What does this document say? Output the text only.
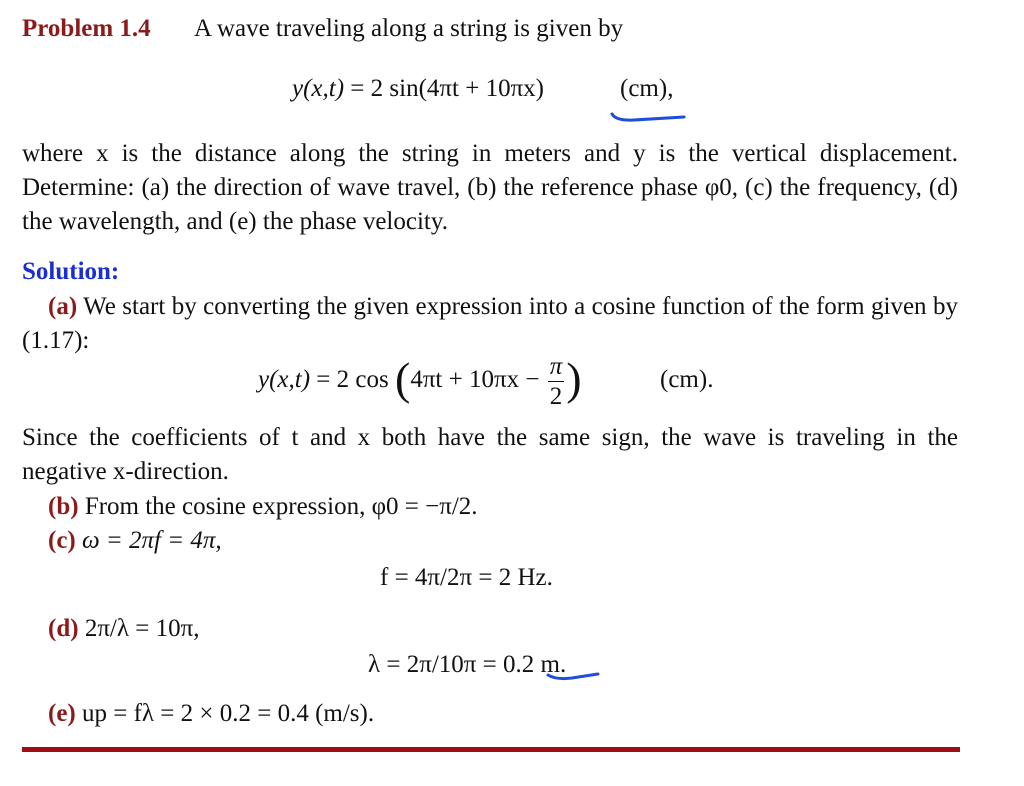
Problem 1.4 A wave traveling along a string is given by
y(x,t) = 2 sin(4πt + 10πx)	(cm),
where x is the distance along the string in meters and y is the vertical displacement. Determine: (a) the direction of wave travel, (b) the reference phase φ0, (c) the frequency, (d) the wavelength, and (e) the phase velocity.
Solution:
(a) We start by converting the given expression into a cosine function of the form given by (1.17):
y(x,t) = 2 $\cos (4\pi t + 10\pi x - \frac{\pi}{2}$ )	(cm).
Since the coefficients of t and x both have the same sign, the wave is traveling in the negative x-direction.
(b) From the cosine expression, φ0 = −π/2.
(c) ω = 2πf = 4π,
f = 4π/2π = 2 Hz.
(d) 2π/λ = 10π,
λ = 2π/10π = 0.2 m.
(e) up = fλ = 2 × 0.2 = 0.4 (m/s).
